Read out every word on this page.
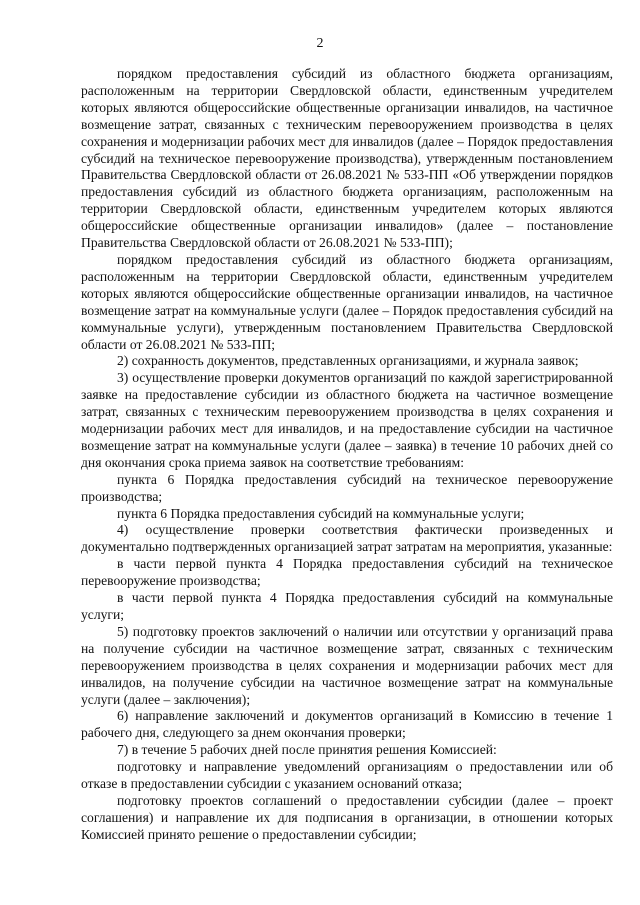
2

порядком предоставления субсидий из областного бюджета организациям, расположенным на территории Свердловской области, единственным учредителем которых являются общероссийские общественные организации инвалидов, на частичное возмещение затрат, связанных с техническим перевооружением производства в целях сохранения и модернизации рабочих мест для инвалидов (далее – Порядок предоставления субсидий на техническое перевооружение производства), утвержденным постановлением Правительства Свердловской области от 26.08.2021 № 533-ПП «Об утверждении порядков предоставления субсидий из областного бюджета организациям, расположенным на территории Свердловской области, единственным учредителем которых являются общероссийские общественные организации инвалидов» (далее – постановление Правительства Свердловской области от 26.08.2021 № 533-ПП);

порядком предоставления субсидий из областного бюджета организациям, расположенным на территории Свердловской области, единственным учредителем которых являются общероссийские общественные организации инвалидов, на частичное возмещение затрат на коммунальные услуги (далее – Порядок предоставления субсидий на коммунальные услуги), утвержденным постановлением Правительства Свердловской области от 26.08.2021 № 533-ПП;

2) сохранность документов, представленных организациями, и журнала заявок;

3) осуществление проверки документов организаций по каждой зарегистрированной заявке на предоставление субсидии из областного бюджета на частичное возмещение затрат, связанных с техническим перевооружением производства в целях сохранения и модернизации рабочих мест для инвалидов, и на предоставление субсидии на частичное возмещение затрат на коммунальные услуги (далее – заявка) в течение 10 рабочих дней со дня окончания срока приема заявок на соответствие требованиям:

пункта 6 Порядка предоставления субсидий на техническое перевооружение производства;

пункта 6 Порядка предоставления субсидий на коммунальные услуги;

4) осуществление проверки соответствия фактически произведенных и документально подтвержденных организацией затрат затратам на мероприятия, указанные:

в части первой пункта 4 Порядка предоставления субсидий на техническое перевооружение производства;

в части первой пункта 4 Порядка предоставления субсидий на коммунальные услуги;

5) подготовку проектов заключений о наличии или отсутствии у организаций права на получение субсидии на частичное возмещение затрат, связанных с техническим перевооружением производства в целях сохранения и модернизации рабочих мест для инвалидов, на получение субсидии на частичное возмещение затрат на коммунальные услуги (далее – заключения);

6) направление заключений и документов организаций в Комиссию в течение 1 рабочего дня, следующего за днем окончания проверки;

7) в течение 5 рабочих дней после принятия решения Комиссией:

подготовку и направление уведомлений организациям о предоставлении или об отказе в предоставлении субсидии с указанием оснований отказа;

подготовку проектов соглашений о предоставлении субсидии (далее – проект соглашения) и направление их для подписания в организации, в отношении которых Комиссией принято решение о предоставлении субсидии;
